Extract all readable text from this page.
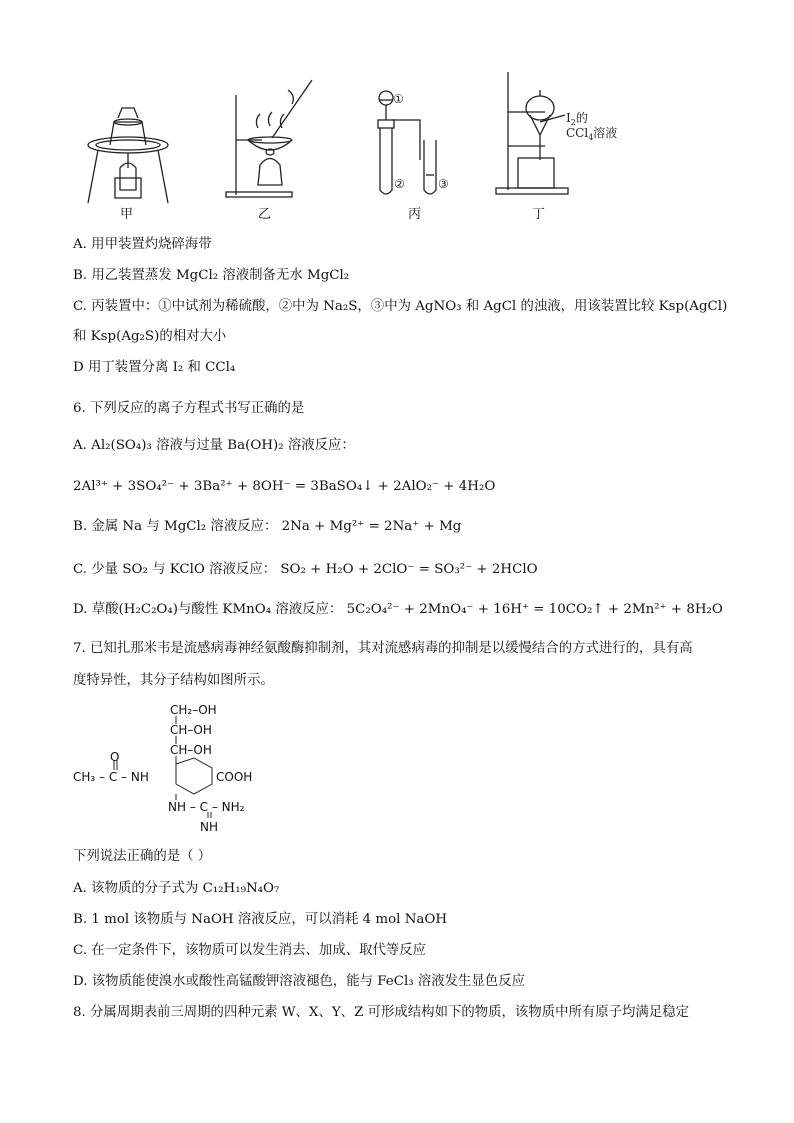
①
②	③
$I_2$的
CCl$_4$溶液
甲	乙	丙	丁
A. 用甲装置灼烧碎海带
B. 用乙装置蒸发 MgCl₂ 溶液制备无水 MgCl₂
C. 丙装置中：①中试剂为稀硫酸，②中为 Na₂S，③中为 AgNO₃ 和 AgCl 的浊液，用该装置比较 Ksp(AgCl)
和 Ksp(Ag₂S)的相对大小
D 用丁装置分离 I₂ 和 CCl₄
6. 下列反应的离子方程式书写正确的是
A. Al₂(SO₄)₃ 溶液与过量 Ba(OH)₂ 溶液反应：
2Al³⁺ + 3SO₄²⁻ + 3Ba²⁺ + 8OH⁻ = 3BaSO₄↓ + 2AlO₂⁻ + 4H₂O
B. 金属 Na 与 MgCl₂ 溶液反应： 2Na + Mg²⁺ = 2Na⁺ + Mg
C. 少量 SO₂ 与 KClO 溶液反应： SO₂ + H₂O + 2ClO⁻ = SO₃²⁻ + 2HClO
D. 草酸(H₂C₂O₄)与酸性 KMnO₄ 溶液反应： 5C₂O₄²⁻ + 2MnO₄⁻ + 16H⁺ = 10CO₂↑ + 2Mn²⁺ + 8H₂O
7. 已知扎那米韦是流感病毒神经氨酸酶抑制剂，其对流感病毒的抑制是以缓慢结合的方式进行的，具有高
度特异性，其分子结构如图所示。
CH₂–OH
CH–OH
CH–OH
O
CH₃ – C – NH	COOH
NH – C – NH₂
NH
下列说法正确的是（ ）
A. 该物质的分子式为 C₁₂H₁₉N₄O₇
B. 1 mol 该物质与 NaOH 溶液反应，可以消耗 4 mol NaOH
C. 在一定条件下，该物质可以发生消去、加成、取代等反应
D. 该物质能使溴水或酸性高锰酸钾溶液褪色，能与 FeCl₃ 溶液发生显色反应
8. 分属周期表前三周期的四种元素 W、X、Y、Z 可形成结构如下的物质，该物质中所有原子均满足稳定
